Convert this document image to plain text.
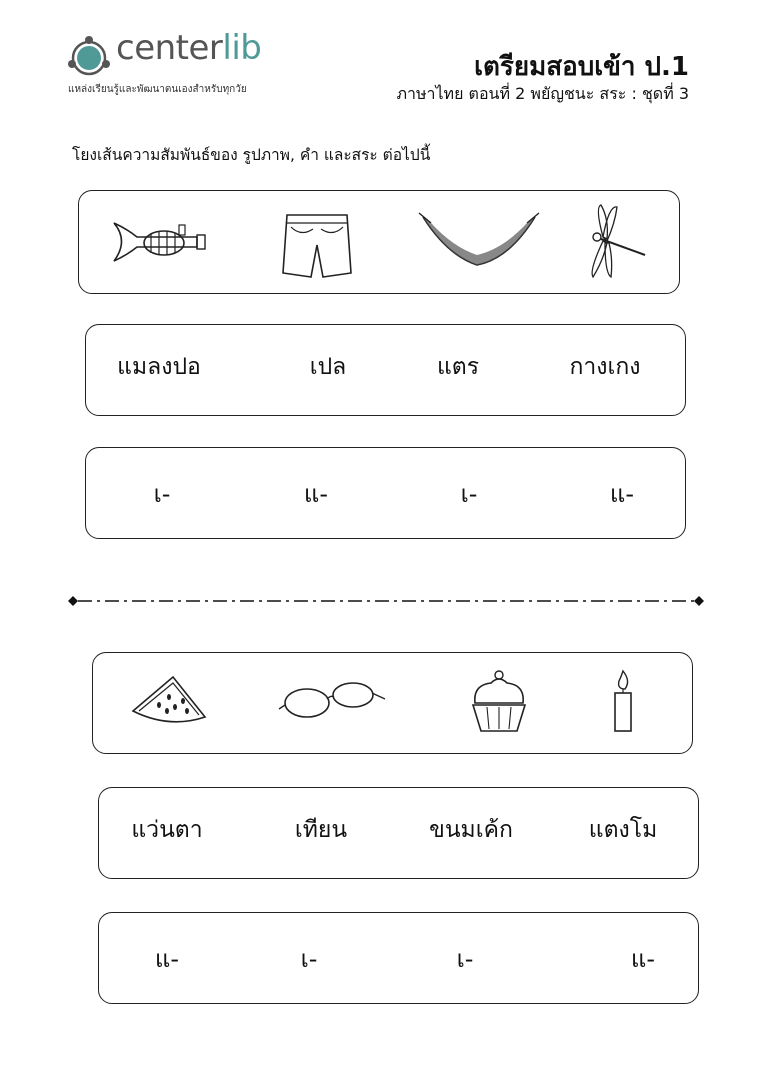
centerlib
แหล่งเรียนรู้และพัฒนาตนเองสำหรับทุกวัย
เตรียมสอบเข้า ป.1
ภาษาไทย ตอนที่ 2 พยัญชนะ สระ : ชุดที่ 3
โยงเส้นความสัมพันธ์ของ รูปภาพ, คำ และสระ ต่อไปนี้
แมลงปอ	เปล	แตร	กางเกง
เ-	แ-	เ-	แ-
แว่นตา	เทียน	ขนมเค้ก	แตงโม
แ-	เ-	เ-	แ-
